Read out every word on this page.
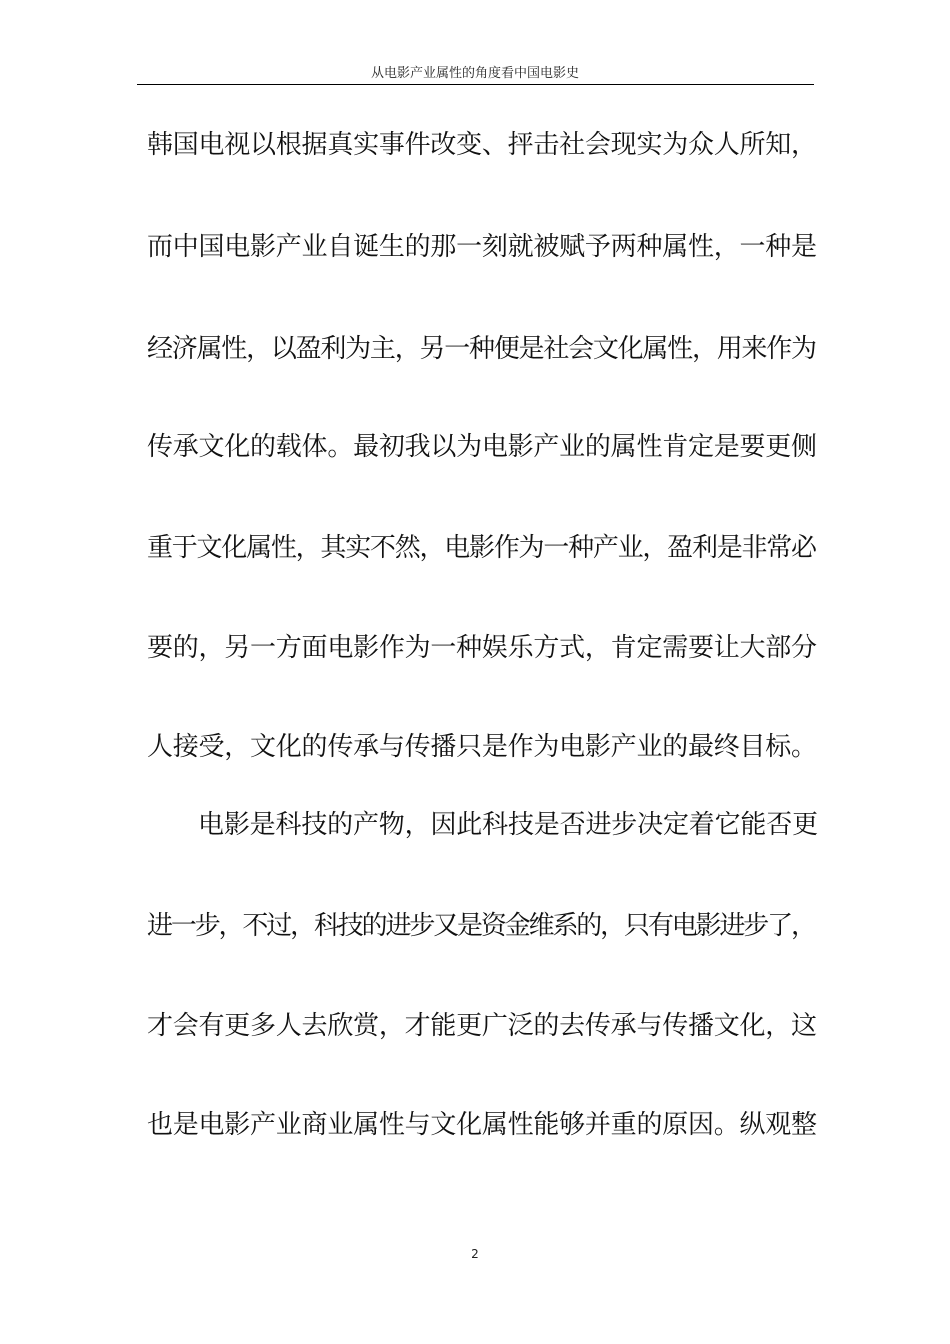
从电影产业属性的角度看中国电影史
韩国电视以根据真实事件改变、抨击社会现实为众人所知，
而中国电影产业自诞生的那一刻就被赋予两种属性，一种是
经济属性，以盈利为主，另一种便是社会文化属性，用来作为
传承文化的载体。最初我以为电影产业的属性肯定是要更侧
重于文化属性，其实不然，电影作为一种产业，盈利是非常必
要的，另一方面电影作为一种娱乐方式，肯定需要让大部分
人接受，文化的传承与传播只是作为电影产业的最终目标。
电影是科技的产物，因此科技是否进步决定着它能否更
进一步，不过，科技的进步又是资金维系的，只有电影进步了，
才会有更多人去欣赏，才能更广泛的去传承与传播文化，这
也是电影产业商业属性与文化属性能够并重的原因。纵观整
2
